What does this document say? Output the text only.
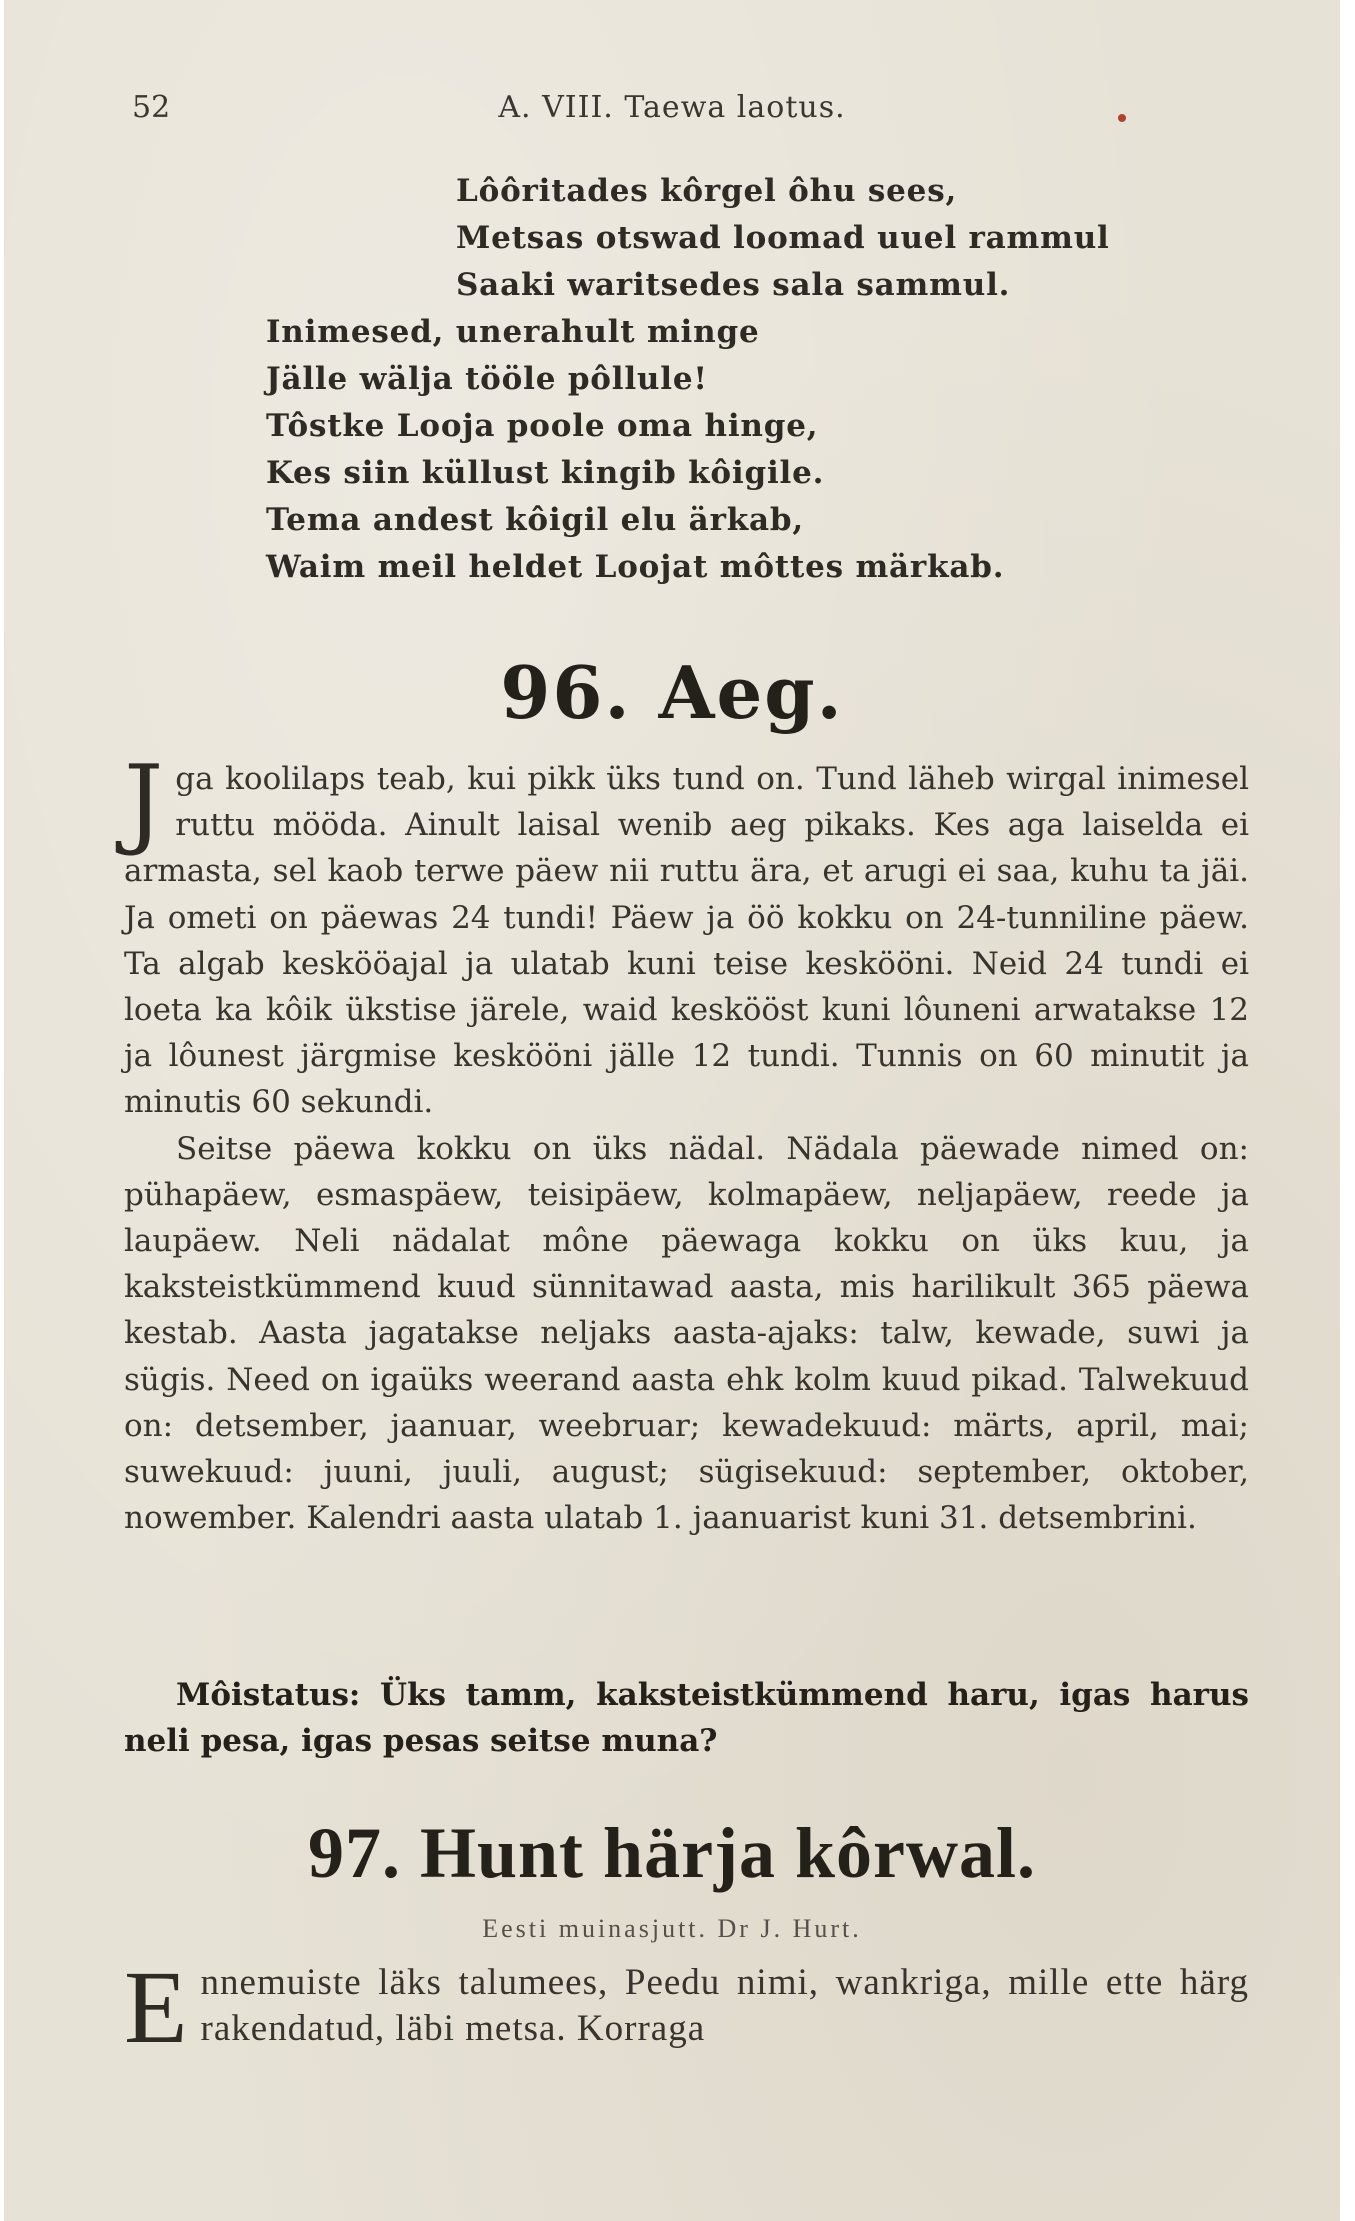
52	A. VIII. Taewa laotus.
Lôôritades kôrgel ôhu sees,
Metsas otswad loomad uuel rammul
Saaki waritsedes sala sammul.
Inimesed, unerahult minge
Jälle wälja tööle pôllule!
Tôstke Looja poole oma hinge,
Kes siin küllust kingib kôigile.
Tema andest kôigil elu ärkab,
Waim meil heldet Loojat môttes märkab.
96. Aeg.

Jga koolilaps teab, kui pikk üks tund on. Tund läheb wirgal inimesel ruttu mööda. Ainult laisal wenib aeg pikaks. Kes aga laiselda ei armasta, sel kaob terwe päew nii ruttu ära, et arugi ei saa, kuhu ta jäi. Ja ometi on päewas 24 tundi! Päew ja öö kokku on 24-tunniline päew. Ta algab keskööajal ja ulatab kuni teise keskööni. Neid 24 tundi ei loeta ka kôik ükstise järele, waid keskööst kuni lôuneni arwatakse 12 ja lôunest järgmise keskööni jälle 12 tundi. Tunnis on 60 minutit ja minutis 60 sekundi.

Seitse päewa kokku on üks nädal. Nädala päewade nimed on: pühapäew, esmaspäew, teisipäew, kolmapäew, neljapäew, reede ja laupäew. Neli nädalat mône päewaga kokku on üks kuu, ja kaksteistkümmend kuud sünnitawad aasta, mis harilikult 365 päewa kestab. Aasta jagatakse neljaks aasta-ajaks: talw, kewade, suwi ja sügis. Need on igaüks weerand aasta ehk kolm kuud pikad. Talwekuud on: detsember, jaanuar, weebruar; kewadekuud: märts, april, mai; suwekuud: juuni, juuli, august; sügisekuud: september, oktober, nowember. Kalendri aasta ulatab 1. jaanuarist kuni 31. detsembrini.

Môistatus: Üks tamm, kaksteistkümmend haru, igas harus neli pesa, igas pesas seitse muna?
97. Hunt härja kôrwal.
Eesti muinasjutt. Dr J. Hurt.

Ennemuiste läks talumees, Peedu nimi, wankriga, mille ette härg rakendatud, läbi metsa. Korraga
